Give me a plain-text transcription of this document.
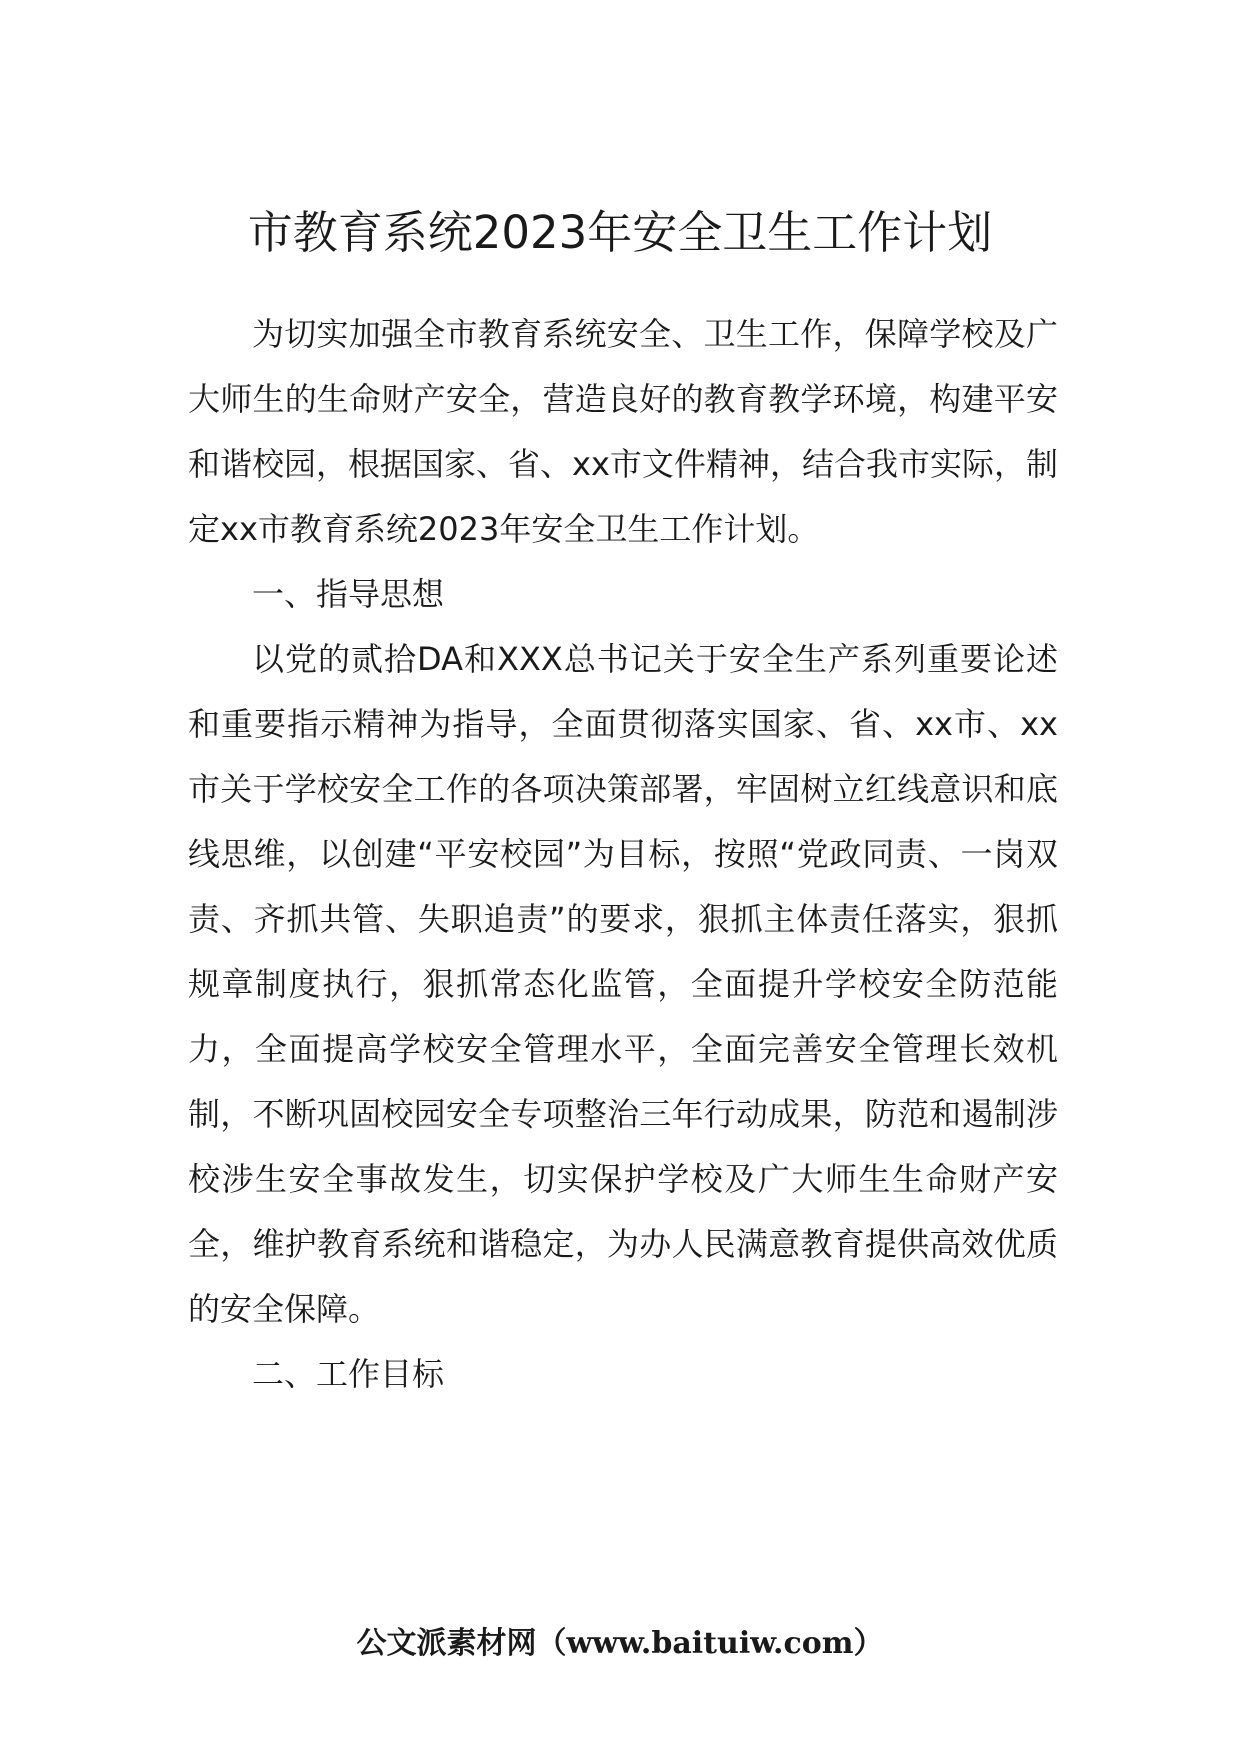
市教育系统2023年安全卫生工作计划

为切实加强全市教育系统安全、卫生工作，保障学校及广大师生的生命财产安全，营造良好的教育教学环境，构建平安和谐校园，根据国家、省、xx市文件精神，结合我市实际，制定xx市教育系统2023年安全卫生工作计划。

一、指导思想

以党的贰拾DA和XXX总书记关于安全生产系列重要论述和重要指示精神为指导，全面贯彻落实国家、省、xx市、xx市关于学校安全工作的各项决策部署，牢固树立红线意识和底线思维，以创建“平安校园”为目标，按照“党政同责、一岗双责、齐抓共管、失职追责”的要求，狠抓主体责任落实，狠抓规章制度执行，狠抓常态化监管，全面提升学校安全防范能力，全面提高学校安全管理水平，全面完善安全管理长效机制，不断巩固校园安全专项整治三年行动成果，防范和遏制涉校涉生安全事故发生，切实保护学校及广大师生生命财产安全，维护教育系统和谐稳定，为办人民满意教育提供高效优质的安全保障。

二、工作目标

公文派素材网（www.baituiw.com）
